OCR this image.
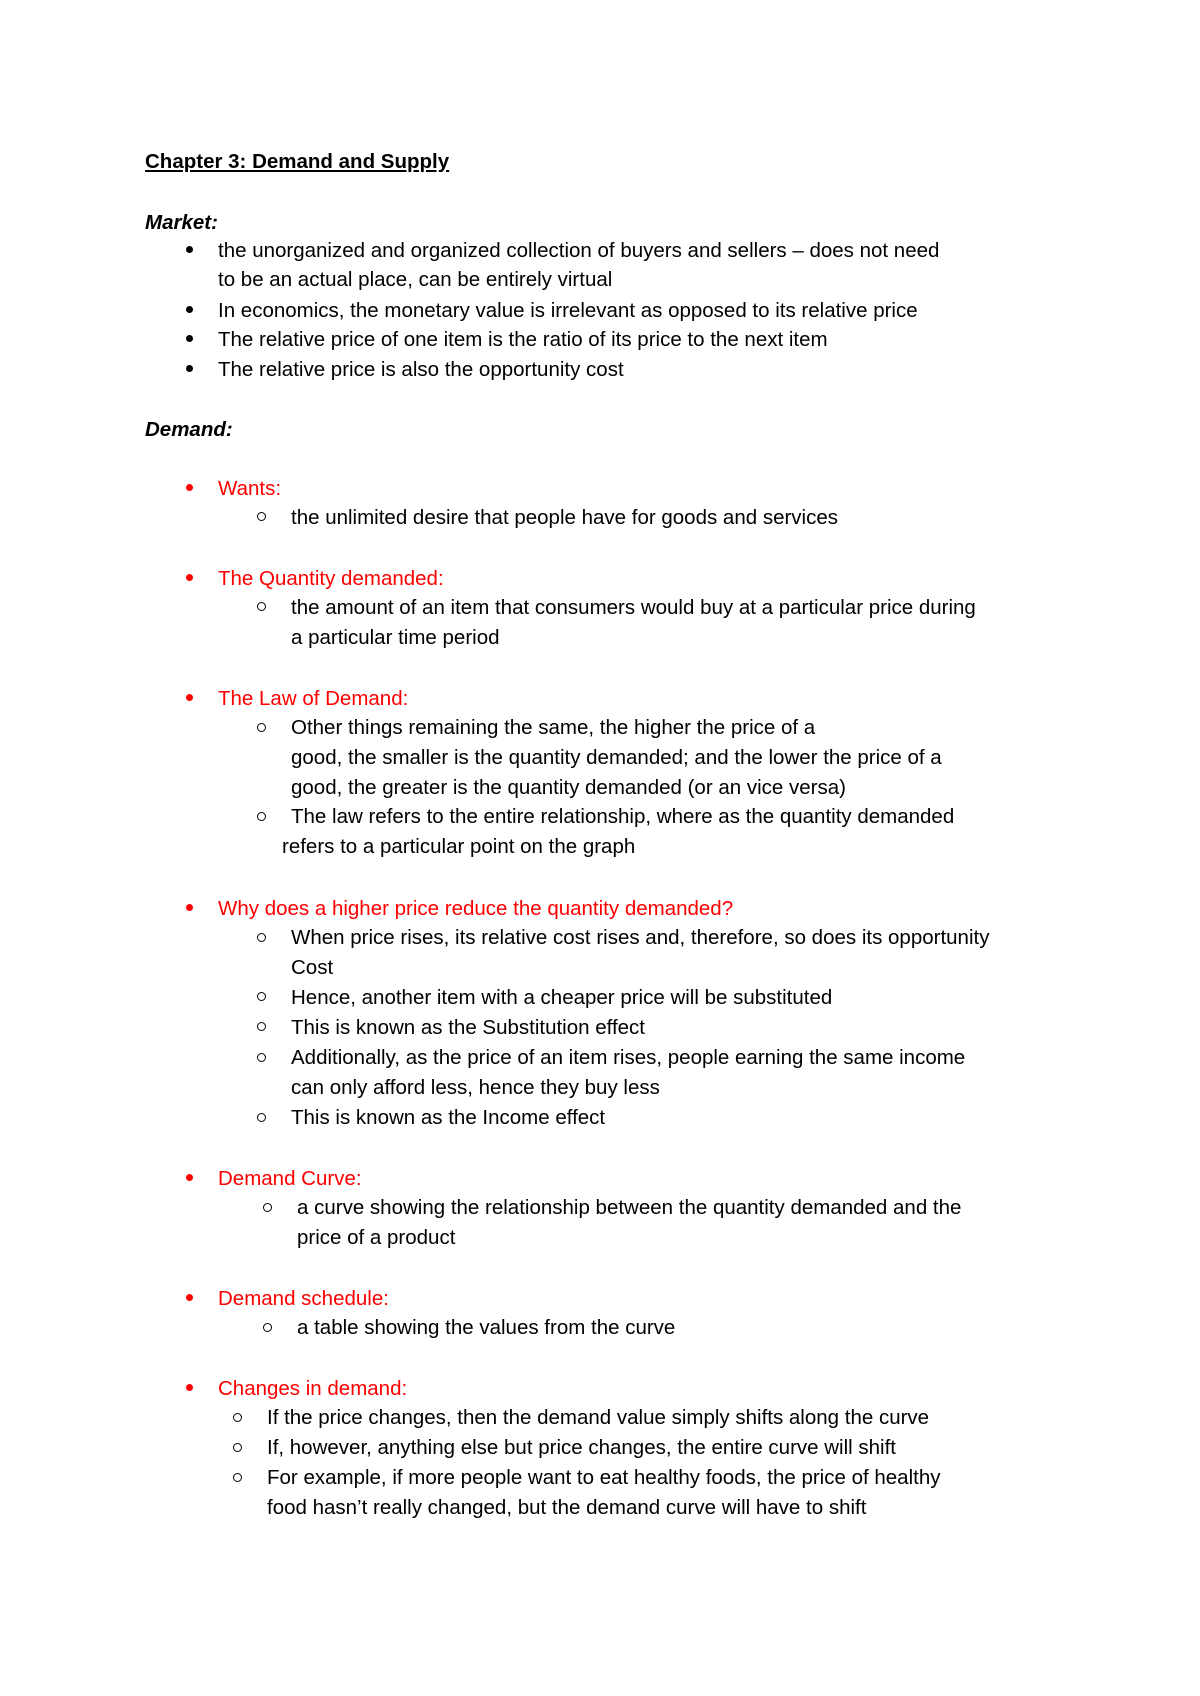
Chapter 3: Demand and Supply
Market:
the unorganized and organized collection of buyers and sellers – does not need
to be an actual place, can be entirely virtual
In economics, the monetary value is irrelevant as opposed to its relative price
The relative price of one item is the ratio of its price to the next item
The relative price is also the opportunity cost
Demand:
Wants:
the unlimited desire that people have for goods and services
The Quantity demanded:
the amount of an item that consumers would buy at a particular price during
a particular time period
The Law of Demand:
Other things remaining the same, the higher the price of a
good, the smaller is the quantity demanded; and the lower the price of a
good, the greater is the quantity demanded (or an vice versa)
The law refers to the entire relationship, where as the quantity demanded
refers to a particular point on the graph
Why does a higher price reduce the quantity demanded?
When price rises, its relative cost rises and, therefore, so does its opportunity
Cost
Hence, another item with a cheaper price will be substituted
This is known as the Substitution effect
Additionally, as the price of an item rises, people earning the same income
can only afford less, hence they buy less
This is known as the Income effect
Demand Curve:
a curve showing the relationship between the quantity demanded and the
price of a product
Demand schedule:
a table showing the values from the curve
Changes in demand:
If the price changes, then the demand value simply shifts along the curve
If, however, anything else but price changes, the entire curve will shift
For example, if more people want to eat healthy foods, the price of healthy
food hasn’t really changed, but the demand curve will have to shift
